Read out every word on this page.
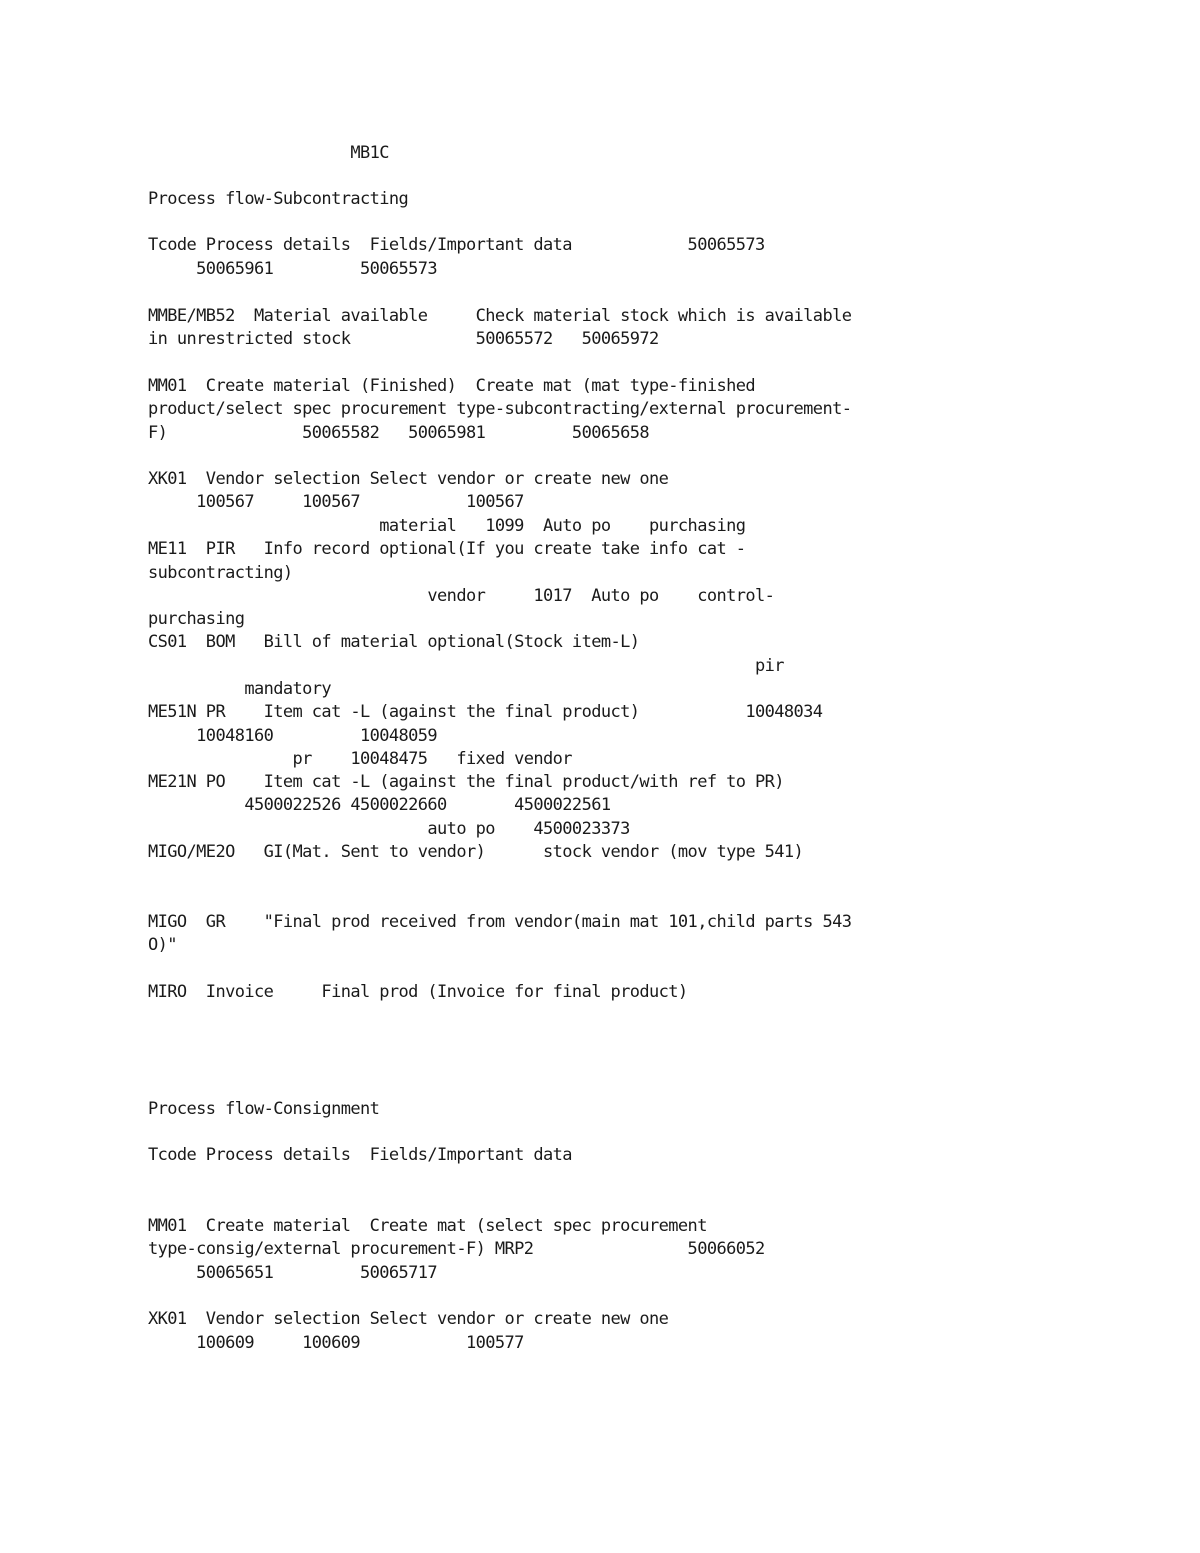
MB1C
Process flow-Subcontracting
Tcode Process details  Fields/Important data            50065573
50065961         50065573
MMBE/MB52  Material available     Check material stock which is available
in unrestricted stock             50065572   50065972
MM01  Create material (Finished)  Create mat (mat type-finished
product/select spec procurement type-subcontracting/external procurement-
F)              50065582   50065981         50065658
XK01  Vendor selection Select vendor or create new one
100567     100567           100567
material   1099  Auto po    purchasing
ME11  PIR   Info record optional(If you create take info cat -
subcontracting)
vendor     1017  Auto po    control-
purchasing
CS01  BOM   Bill of material optional(Stock item-L)
pir
mandatory
ME51N PR    Item cat -L (against the final product)           10048034
10048160         10048059
pr    10048475   fixed vendor
ME21N PO    Item cat -L (against the final product/with ref to PR)
4500022526 4500022660       4500022561
auto po    4500023373
MIGO/ME2O   GI(Mat. Sent to vendor)      stock vendor (mov type 541)
MIGO  GR    "Final prod received from vendor(main mat 101,child parts 543
O)"
MIRO  Invoice     Final prod (Invoice for final product)
Process flow-Consignment
Tcode Process details  Fields/Important data
MM01  Create material  Create mat (select spec procurement
type-consig/external procurement-F) MRP2                50066052
50065651         50065717
XK01  Vendor selection Select vendor or create new one
100609     100609           100577
